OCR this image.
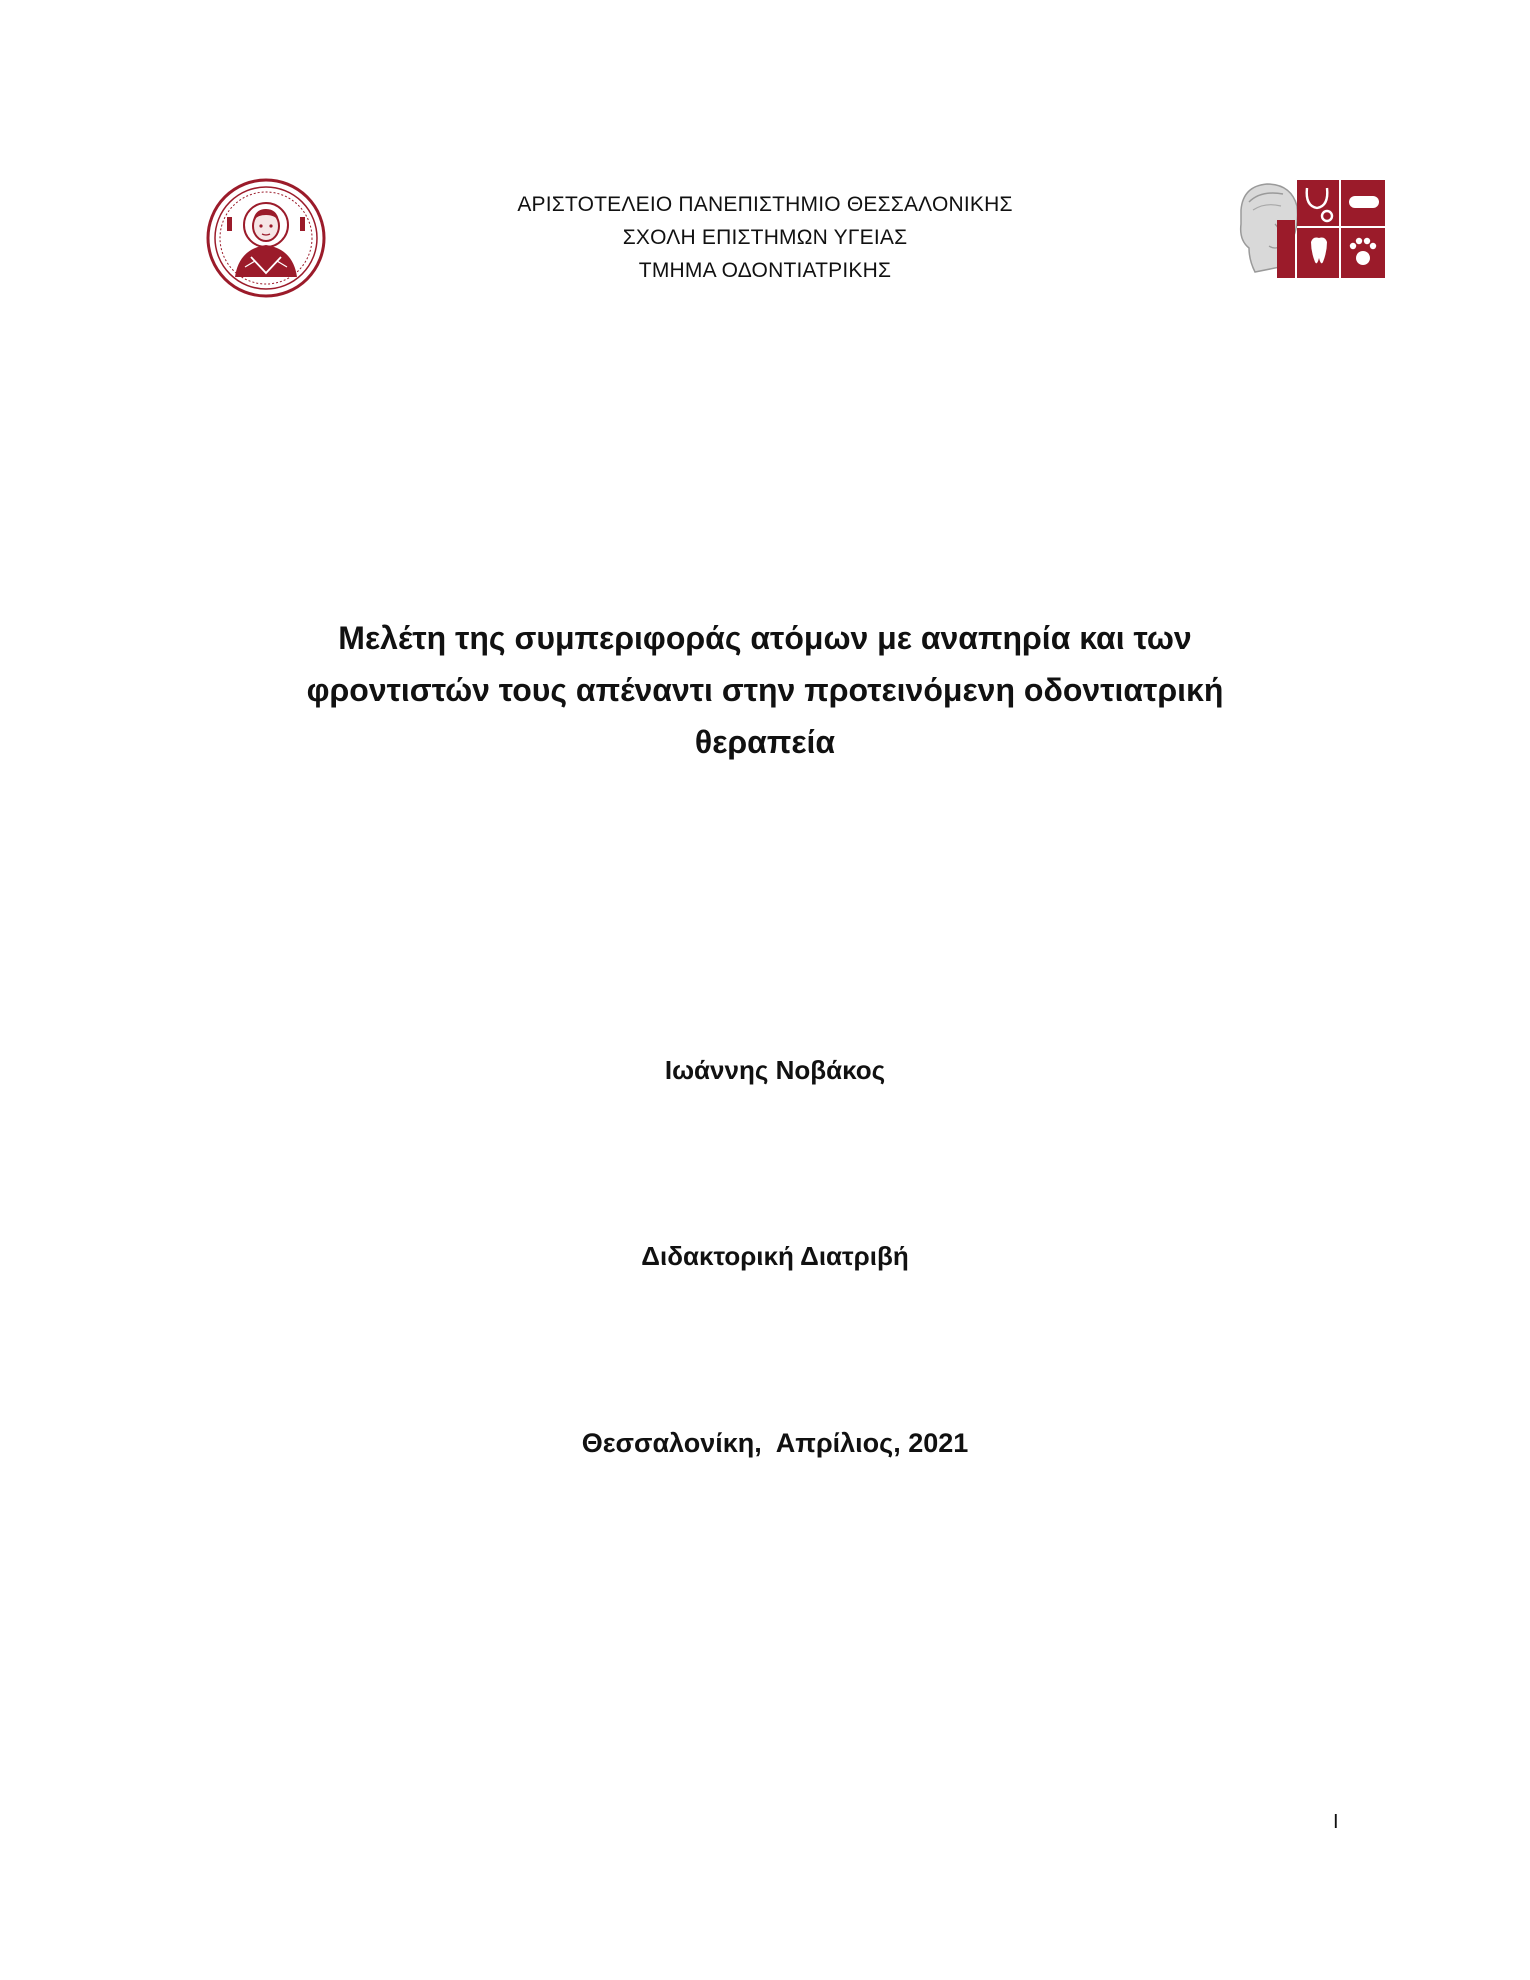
ΑΡΙΣΤΟΤΕΛΕΙΟ ΠΑΝΕΠΙΣΤΗΜΙΟ ΘΕΣΣΑΛΟΝΙΚΗΣ
ΣΧΟΛΗ ΕΠΙΣΤΗΜΩΝ ΥΓΕΙΑΣ
ΤΜΗΜΑ ΟΔΟΝΤΙΑΤΡΙΚΗΣ
Μελέτη της συμπεριφοράς ατόμων με αναπηρία και των
φροντιστών τους απέναντι στην προτεινόμενη οδοντιατρική
θεραπεία
Ιωάννης Νοβάκος
Διδακτορική Διατριβή
Θεσσαλονίκη,  Απρίλιος, 2021
I
